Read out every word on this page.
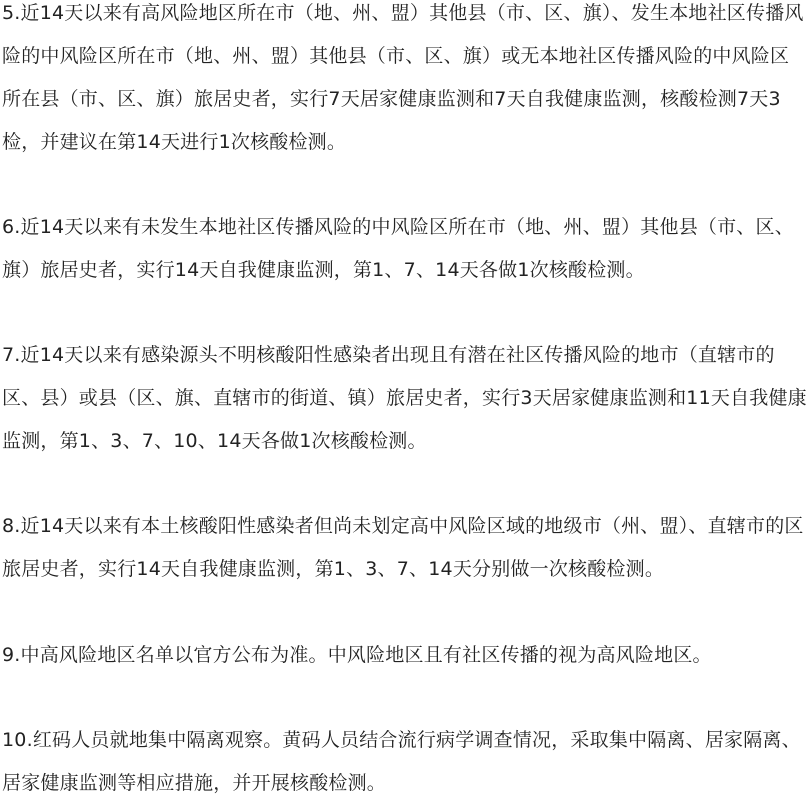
5.近14天以来有高风险地区所在市（地、州、盟）其他县（市、区、旗）、发生本地社区传播风险的中风险区所在市（地、州、盟）其他县（市、区、旗）或无本地社区传播风险的中风险区所在县（市、区、旗）旅居史者，实行7天居家健康监测和7天自我健康监测，核酸检测7天3检，并建议在第14天进行1次核酸检测。

6.近14天以来有未发生本地社区传播风险的中风险区所在市（地、州、盟）其他县（市、区、旗）旅居史者，实行14天自我健康监测，第1、7、14天各做1次核酸检测。

7.近14天以来有感染源头不明核酸阳性感染者出现且有潜在社区传播风险的地市（直辖市的区、县）或县（区、旗、直辖市的街道、镇）旅居史者，实行3天居家健康监测和11天自我健康监测，第1、3、7、10、14天各做1次核酸检测。

8.近14天以来有本土核酸阳性感染者但尚未划定高中风险区域的地级市（州、盟）、直辖市的区旅居史者，实行14天自我健康监测，第1、3、7、14天分别做一次核酸检测。

9.中高风险地区名单以官方公布为准。中风险地区且有社区传播的视为高风险地区。

10.红码人员就地集中隔离观察。黄码人员结合流行病学调查情况，采取集中隔离、居家隔离、居家健康监测等相应措施，并开展核酸检测。
